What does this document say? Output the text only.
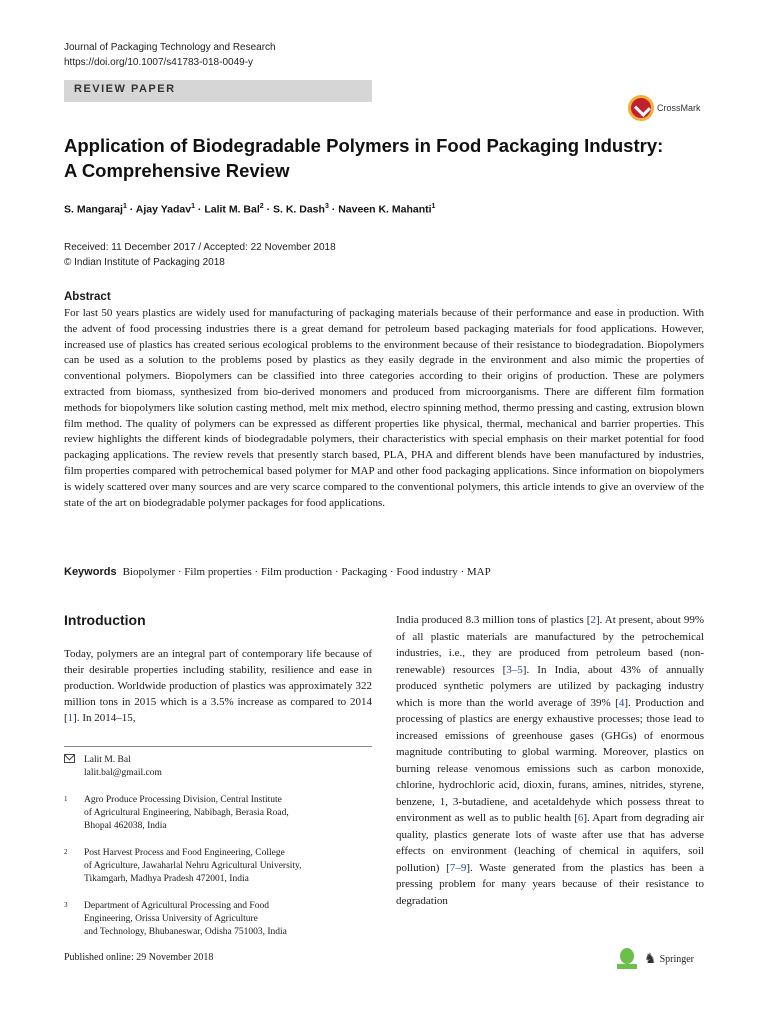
Journal of Packaging Technology and Research
https://doi.org/10.1007/s41783-018-0049-y
REVIEW PAPER
CrossMark
Application of Biodegradable Polymers in Food Packaging Industry:
A Comprehensive Review
S. Mangaraj$^1$ · Ajay Yadav$^1$ · Lalit M. Bal$^2$ · S. K. Dash$^3$ · Naveen K. Mahanti$^1$
Received: 11 December 2017 / Accepted: 22 November 2018
© Indian Institute of Packaging 2018
Abstract
For last 50 years plastics are widely used for manufacturing of packaging materials because of their performance and ease in production. With the advent of food processing industries there is a great demand for petroleum based packaging materials for food applications. However, increased use of plastics has created serious ecological problems to the environment because of their resistance to biodegradation. Biopolymers can be used as a solution to the problems posed by plastics as they easily degrade in the environment and also mimic the properties of conventional polymers. Biopolymers can be classified into three categories according to their origins of production. These are polymers extracted from biomass, synthesized from bio-derived monomers and produced from microorganisms. There are different film formation methods for biopolymers like solution casting method, melt mix method, electro spinning method, thermo pressing and casting, extrusion blown film method. The quality of polymers can be expressed as different properties like physical, thermal, mechanical and barrier properties. This review highlights the different kinds of biodegradable polymers, their characteristics with special emphasis on their market potential for food packaging applications. The review revels that presently starch based, PLA, PHA and different blends have been manufactured by industries, film properties compared with petrochemical based polymer for MAP and other food packaging applications. Since information on biopolymers is widely scattered over many sources and are very scarce compared to the conventional polymers, this article intends to give an overview of the state of the art on biodegradable polymer packages for food applications.
Keywords Biopolymer · Film properties · Film production · Packaging · Food industry · MAP
Introduction
Today, polymers are an integral part of contemporary life because of their desirable properties including stability, resilience and ease in production. Worldwide production of plastics was approximately 322 million tons in 2015 which is a 3.5% increase as compared to 2014 [1]. In 2014–15,
India produced 8.3 million tons of plastics [2]. At present, about 99% of all plastic materials are manufactured by the petrochemical industries, i.e., they are produced from petroleum based (non-renewable) resources [3–5]. In India, about 43% of annually produced synthetic polymers are utilized by packaging industry which is more than the world average of 39% [4]. Production and processing of plastics are energy exhaustive processes; those lead to increased emissions of greenhouse gases (GHGs) of enormous magnitude contributing to global warming. Moreover, plastics on burning release venomous emissions such as carbon monoxide, chlorine, hydrochloric acid, dioxin, furans, amines, nitrides, styrene, benzene, 1, 3-butadiene, and acetaldehyde which possess threat to environment as well as to public health [6]. Apart from degrading air quality, plastics generate lots of waste after use that has adverse effects on environment (leaching of chemical in aquifers, soil pollution) [7–9]. Waste generated from the plastics has been a pressing problem for many years because of their resistance to degradation
Lalit M. Bal
lalit.bal@gmail.com
1 Agro Produce Processing Division, Central Institute
of Agricultural Engineering, Nabibagh, Berasia Road,
Bhopal 462038, India
2 Post Harvest Process and Food Engineering, College
of Agriculture, Jawaharlal Nehru Agricultural University,
Tikamgarh, Madhya Pradesh 472001, India
3 Department of Agricultural Processing and Food
Engineering, Orissa University of Agriculture
and Technology, Bhubaneswar, Odisha 751003, India
Published online: 29 November 2018	♞ Springer
